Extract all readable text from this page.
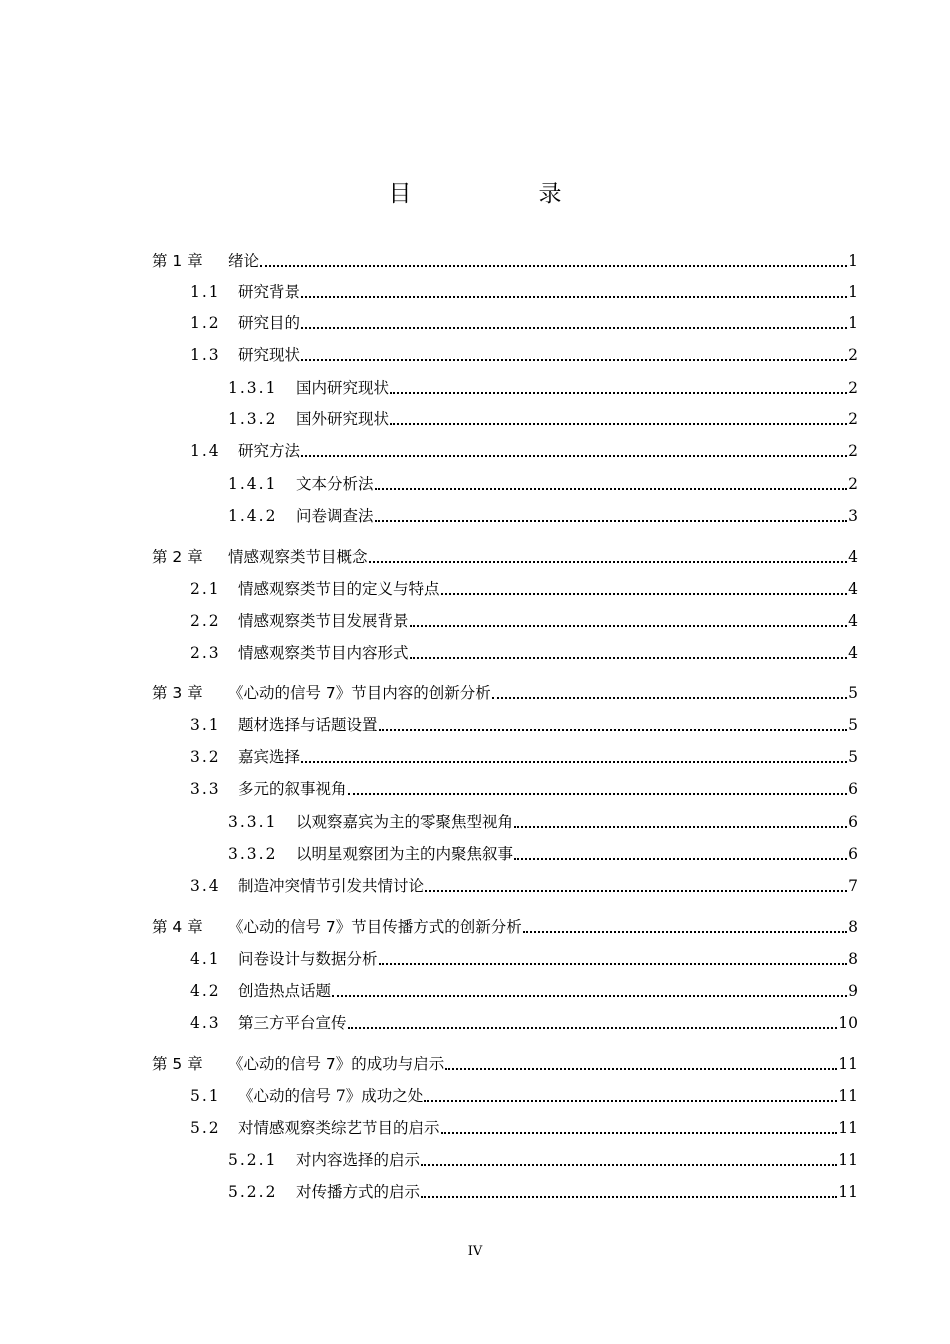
目　录
第 1 章	绪论	1
1.1	研究背景	1
1.2	研究目的	1
1.3	研究现状	2
1.3.1	国内研究现状	2
1.3.2	国外研究现状	2
1.4	研究方法	2
1.4.1	文本分析法	2
1.4.2	问卷调查法	3
第 2 章	情感观察类节目概念	4
2.1	情感观察类节目的定义与特点	4
2.2	情感观察类节目发展背景	4
2.3	情感观察类节目内容形式	4
第 3 章	《心动的信号 7》节目内容的创新分析	5
3.1	题材选择与话题设置	5
3.2	嘉宾选择	5
3.3	多元的叙事视角	6
3.3.1	以观察嘉宾为主的零聚焦型视角	6
3.3.2	以明星观察团为主的内聚焦叙事	6
3.4	制造冲突情节引发共情讨论	7
第 4 章	《心动的信号 7》节目传播方式的创新分析	8
4.1	问卷设计与数据分析	8
4.2	创造热点话题	9
4.3	第三方平台宣传	10
第 5 章	《心动的信号 7》的成功与启示	11
5.1	《心动的信号 7》成功之处	11
5.2	对情感观察类综艺节目的启示	11
5.2.1	对内容选择的启示	11
5.2.2	对传播方式的启示	11
IV
